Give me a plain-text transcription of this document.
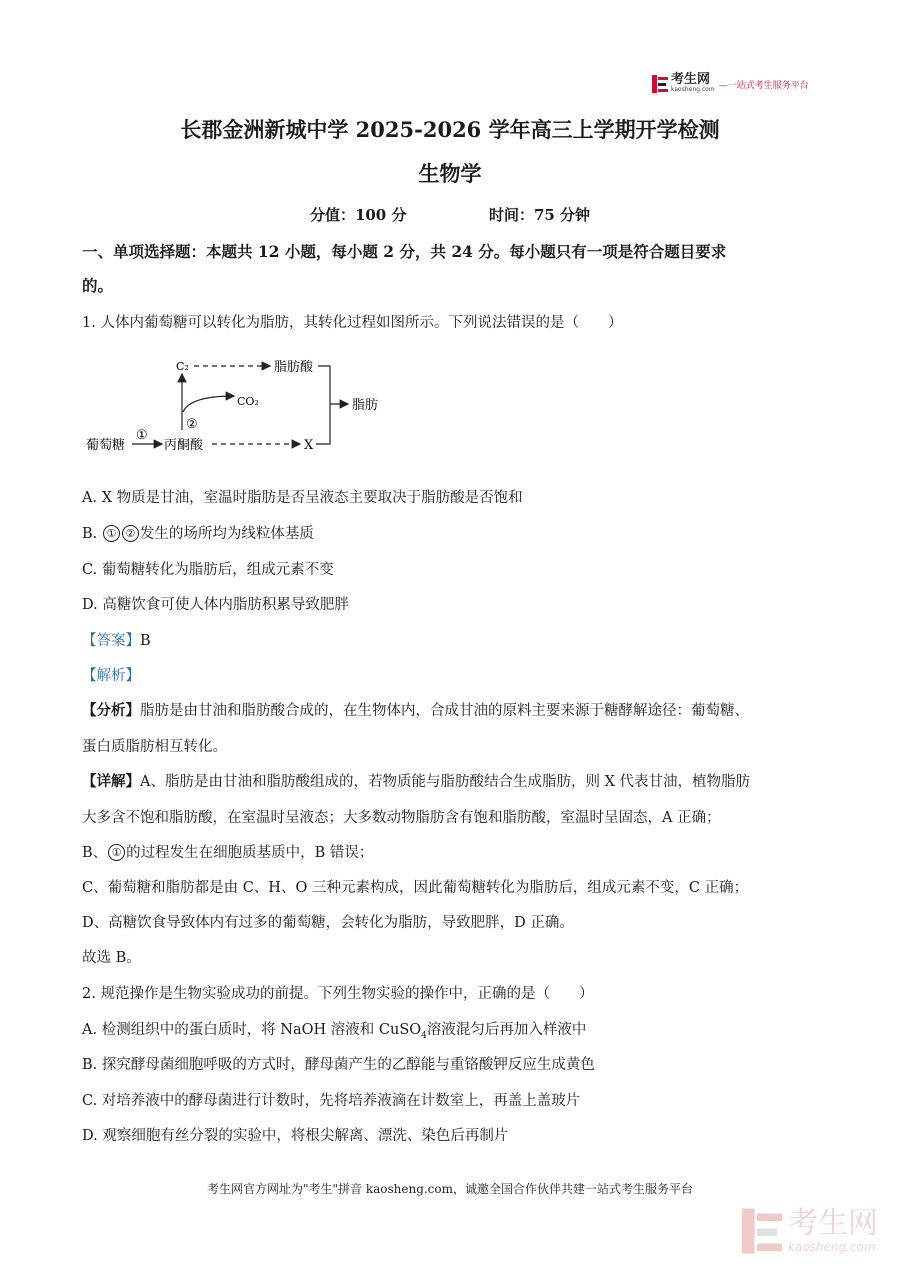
考生网
kaosheng.com —一站式考生服务平台
长郡金洲新城中学 2025-2026 学年高三上学期开学检测
生物学
分值：100 分	时间：75 分钟
一、单项选择题：本题共 12 小题，每小题 2 分，共 24 分。每小题只有一项是符合题目要求
的。
1. 人体内葡萄糖可以转化为脂肪，其转化过程如图所示。下列说法错误的是（　　）
葡萄糖
①
丙酮酸
C₂
CO₂
②
脂肪酸
X
脂肪
A. X 物质是甘油，室温时脂肪是否呈液态主要取决于脂肪酸是否饱和
B. ① ② 发生的场所均为线粒体基质
C. 葡萄糖转化为脂肪后，组成元素不变
D. 高糖饮食可使人体内脂肪积累导致肥胖
【答案】B
【解析】
【分析】脂肪是由甘油和脂肪酸合成的，在生物体内，合成甘油的原料主要来源于糖酵解途径：葡萄糖、
蛋白质脂肪相互转化。
【详解】A、脂肪是由甘油和脂肪酸组成的，若物质能与脂肪酸结合生成脂肪，则 X 代表甘油，植物脂肪
大多含不饱和脂肪酸，在室温时呈液态；大多数动物脂肪含有饱和脂肪酸，室温时呈固态，A 正确；
B、 ① 的过程发生在细胞质基质中，B 错误；
C、葡萄糖和脂肪都是由 C、H、O 三种元素构成，因此葡萄糖转化为脂肪后，组成元素不变，C 正确；
D、高糖饮食导致体内有过多的葡萄糖，会转化为脂肪，导致肥胖，D 正确。
故选 B。
2. 规范操作是生物实验成功的前提。下列生物实验的操作中，正确的是（　　）
A. 检测组织中的蛋白质时，将 NaOH 溶液和 CuSO$_4$溶液混匀后再加入样液中
B. 探究酵母菌细胞呼吸的方式时，酵母菌产生的乙醇能与重铬酸钾反应生成黄色
C. 对培养液中的酵母菌进行计数时，先将培养液滴在计数室上，再盖上盖玻片
D. 观察细胞有丝分裂的实验中，将根尖解离、漂洗、染色后再制片
考生网官方网址为"考生"拼音 kaosheng.com，诚邀全国合作伙伴共建一站式考生服务平台
考生网
kaosheng.com
